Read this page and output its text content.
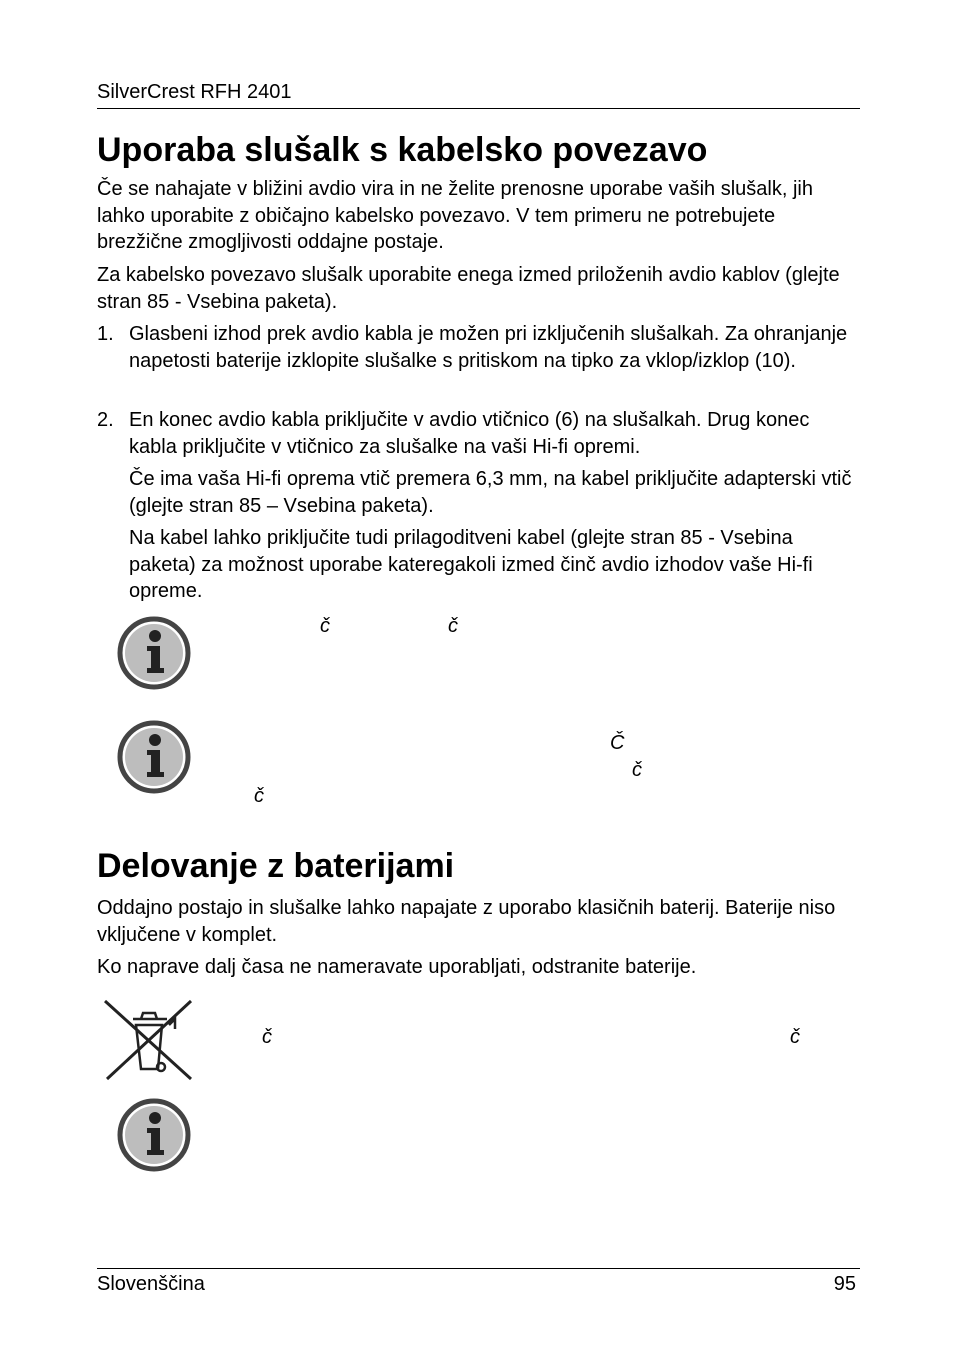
SilverCrest RFH 2401
Uporaba slušalk s kabelsko povezavo

Če se nahajate v bližini avdio vira in ne želite prenosne uporabe vaših slušalk, jih lahko uporabite z običajno kabelsko povezavo. V tem primeru ne potrebujete brezžične zmogljivosti oddajne postaje.

Za kabelsko povezavo slušalk uporabite enega izmed priloženih avdio kablov (glejte stran 85 - Vsebina paketa).

1. Glasbeni izhod prek avdio kabla je možen pri izključenih slušalkah. Za ohranjanje napetosti baterije izklopite slušalke s pritiskom na tipko za vklop/izklop (10).

2. En konec avdio kabla priključite v avdio vtičnico (6) na slušalkah. Drug konec kabla priključite v vtičnico za slušalke na vaši Hi-fi opremi.

Če ima vaša Hi-fi oprema vtič premera 6,3 mm, na kabel priključite adapterski vtič (glejte stran 85 – Vsebina paketa).

Na kabel lahko priključite tudi prilagoditveni kabel (glejte stran 85 - Vsebina paketa) za možnost uporabe kateregakoli izmed činč avdio izhodov vaše Hi-fi opreme.

č	č
Č
č
č
Delovanje z baterijami

Oddajno postajo in slušalke lahko napajate z uporabo klasičnih baterij. Baterije niso vključene v komplet.

Ko naprave dalj časa ne nameravate uporabljati, odstranite baterije.

č	č
Slovenščina	95
